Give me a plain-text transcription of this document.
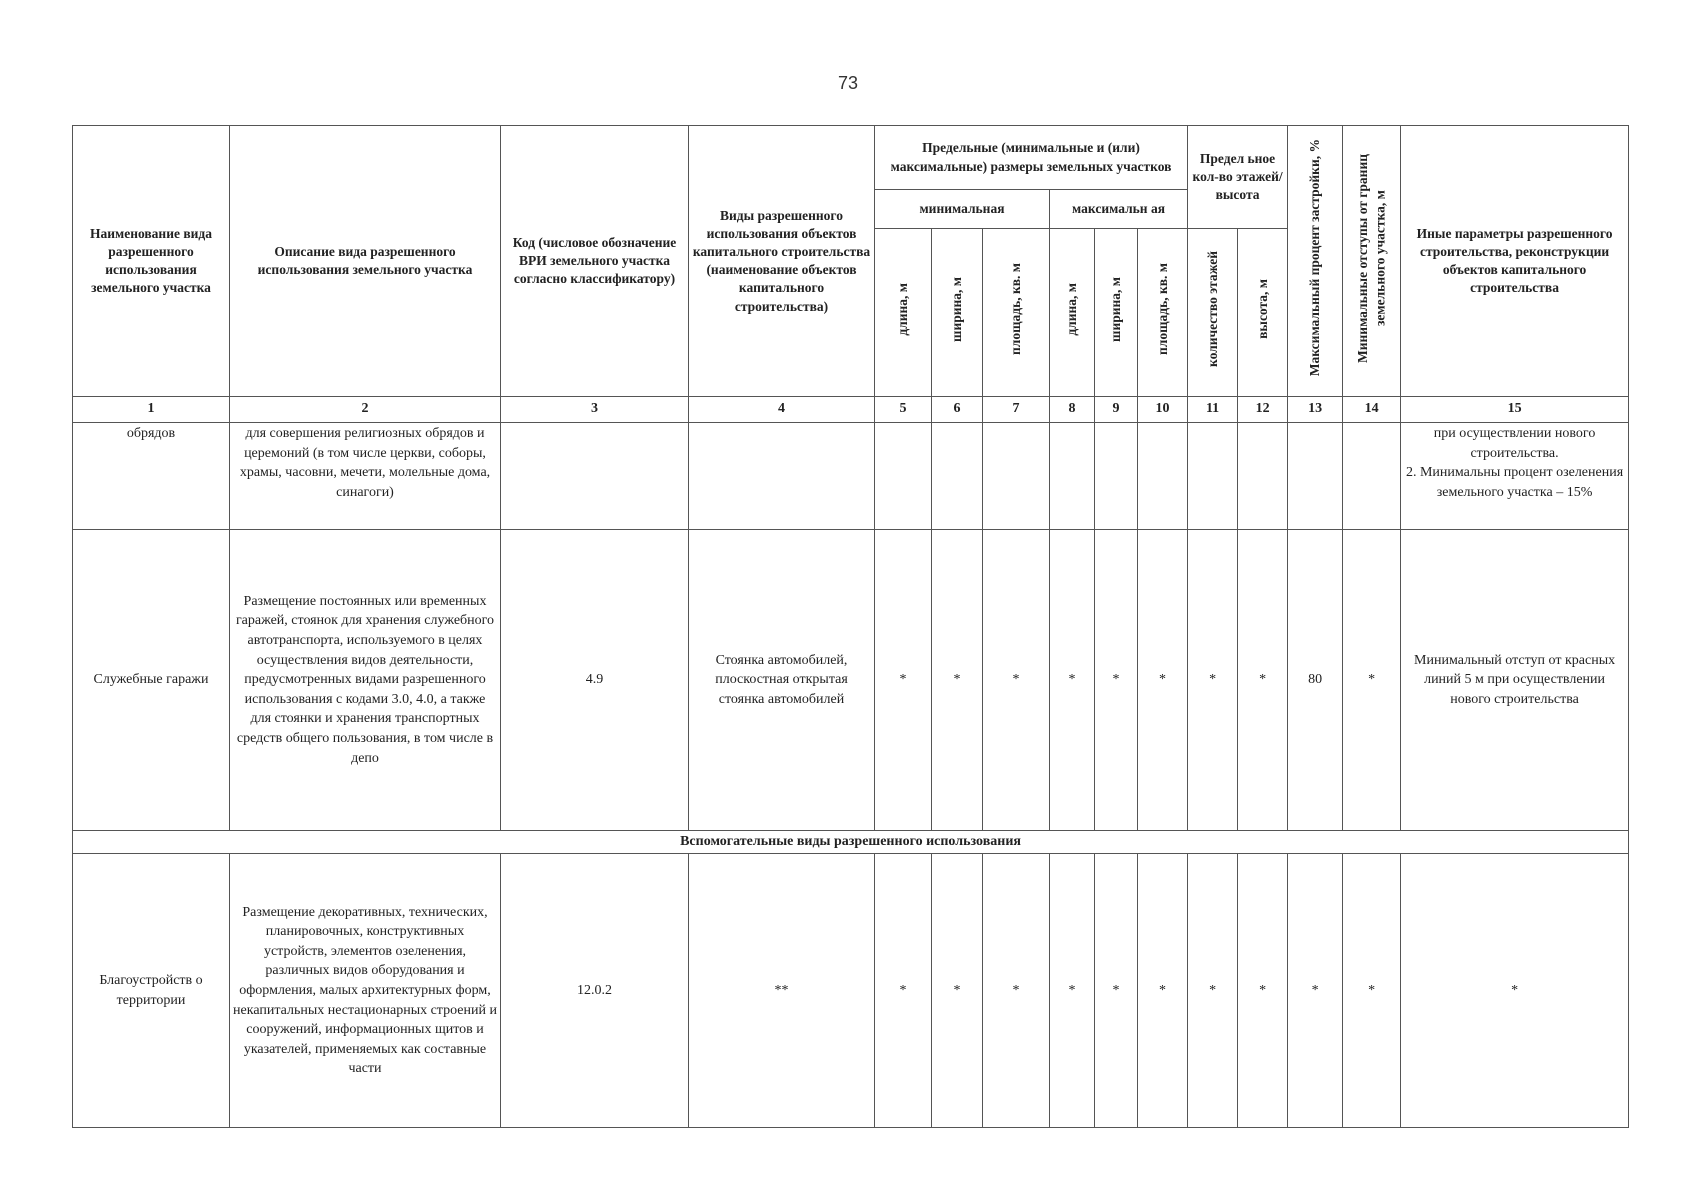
73
Наименование вида разрешенного использования земельного участка	Описание вида разрешенного использования земельного участка	Код (числовое обозначение ВРИ земельного участка согласно классификатору)	Виды разрешенного использования объектов капитального строительства (наименование объектов капитального строительства)	Предельные (минимальные и (или) максимальные) размеры земельных участков						Предел ьное кол-во этажей/ высота		Максимальный процент застройки, %	Минимальные отступы от границ земельного участка, м	Иные параметры разрешенного строительства, реконструкции объектов капитального строительства
				минимальная			максимальн ая							
				длина, м	ширина, м	площадь, кв. м	длина, м	ширина, м	площадь, кв. м	количество этажей	высота, м			
1	2	3	4	5	6	7	8	9	10	11	12	13	14	15
обрядов	для совершения религиозных обрядов и церемоний (в том числе церкви, соборы, храмы, часовни, мечети, молельные дома, синагоги)													при осуществлении нового строительства.
2. Минимальны процент озеленения земельного участка – 15%
Служебные гаражи	Размещение постоянных или временных гаражей, стоянок для хранения служебного автотранспорта, используемого в целях осуществления видов деятельности, предусмотренных видами разрешенного использования с кодами 3.0, 4.0, а также для стоянки и хранения транспортных средств общего пользования, в том числе в депо	4.9	Стоянка автомобилей, плоскостная открытая стоянка автомобилей	*	*	*	*	*	*	*	*	80	*	Минимальный отступ от красных линий 5 м при осуществлении нового строительства
Вспомогательные виды разрешенного использования														
Благоустройств о территории	Размещение декоративных, технических, планировочных, конструктивных устройств, элементов озеленения, различных видов оборудования и оформления, малых архитектурных форм, некапитальных нестационарных строений и сооружений, информационных щитов и указателей, применяемых как составные части	12.0.2	**	*	*	*	*	*	*	*	*	*	*	*
